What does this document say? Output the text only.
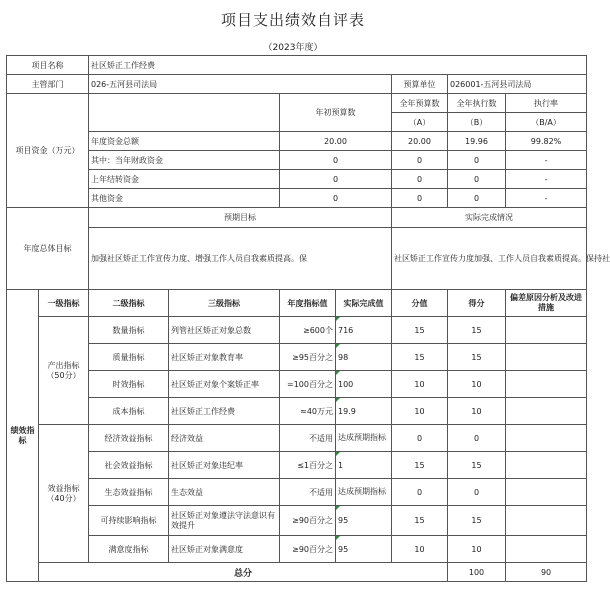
项目支出绩效自评表
（2023年度）
项目名称		社区矫正工作经费							
主管部门		026-五河县司法局				预算单位	026001-五河县司法局		
项目资金（万元）				年初预算数		全年预算数	全年执行数	执行率	
						（A）	（B）	（B/A）	
		年度资金总额		20.00		20.00	19.96	99.82%	
		其中：当年财政资金		0		0	0	-	
		上年结转资金		0		0	0	-	
		其他资金		0		0	0	-	
年度总体目标		预期目标				实际完成情况			
		加强社区矫正工作宣传力度、增强工作人员自我素质提高。保				社区矫正工作宣传力度加强、工作人员自我素质提高。保持社			
绩效指标	一级指标	二级指标	三级指标	年度指标值	实际完成值	分值	得分	偏差原因分析及改进措施	
	产出指标（50分）	数量指标	列管社区矫正对象总数	≥600个	716	15	15		
		质量指标	社区矫正对象教育率	≥95百分之	98	15	15		
		时效指标	社区矫正对象个案矫正率	=100百分之	100	10	10		
		成本指标	社区矫正工作经费	≈40万元	19.9	10	10		
	效益指标（40分）	经济效益指标	经济效益	不适用	达成预期指标	0	0		
		社会效益指标	社区矫正对象违纪率	≤1百分之	1	15	15		
		生态效益指标	生态效益	不适用	达成预期指标	0	0		
		可持续影响指标	社区矫正对象遵法守法意识有效提升	≥90百分之	95	15	15		
		满意度指标	社区矫正对象满意度	≥90百分之	95	10	10		
	总分						100	90	
